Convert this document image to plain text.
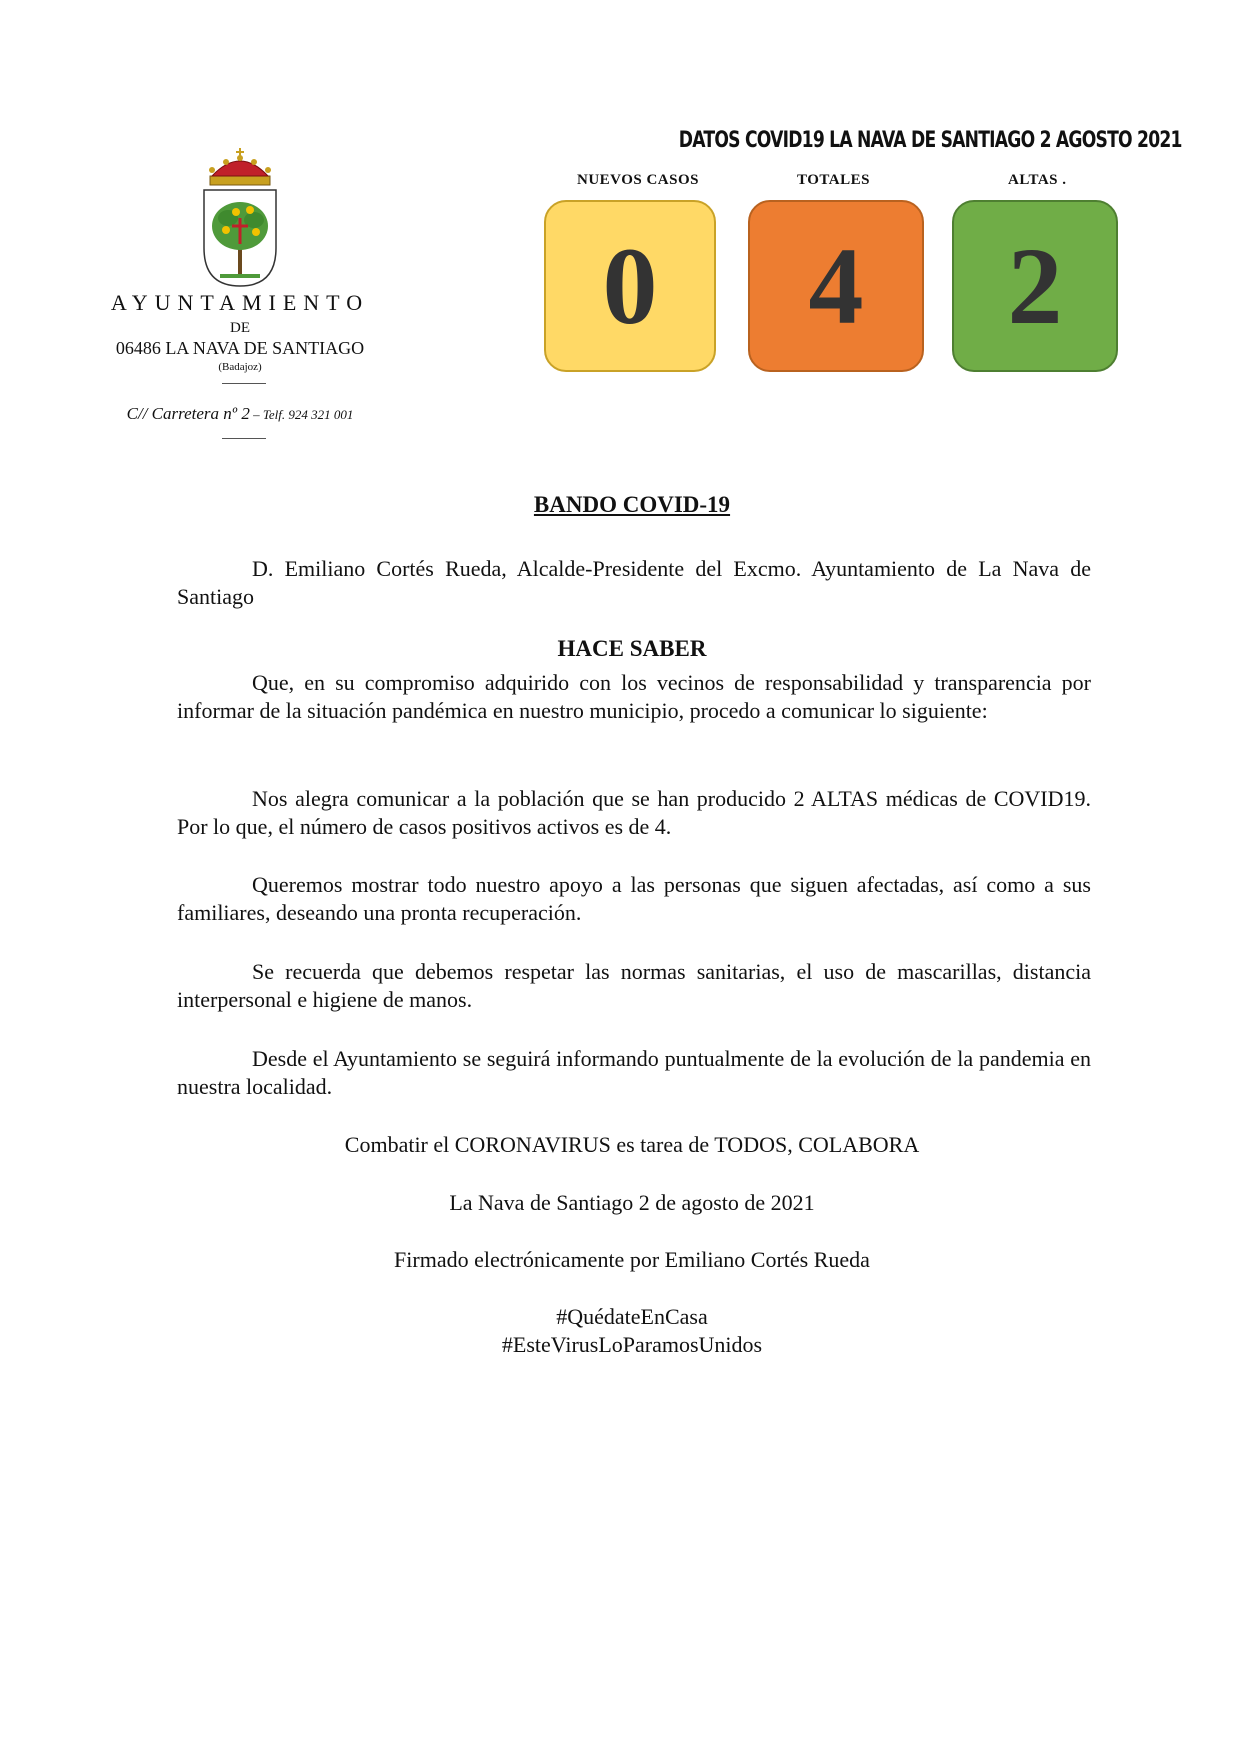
AYUNTAMIENTO
DE
06486 LA NAVA DE SANTIAGO
(Badajoz)
C// Carretera nº 2 – Telf. 924 321 001
DATOS COVID19 LA NAVA DE SANTIAGO 2 AGOSTO 2021
NUEVOS CASOS	TOTALES	ALTAS .
0 4 2
BANDO COVID-19
D. Emiliano Cortés Rueda, Alcalde-Presidente del Excmo. Ayuntamiento de La Nava de Santiago
HACE SABER
Que, en su compromiso adquirido con los vecinos de responsabilidad y transparencia por informar de la situación pandémica en nuestro municipio, procedo a comunicar lo siguiente:
Nos alegra comunicar a la población que se han producido 2 ALTAS médicas de COVID19. Por lo que, el número de casos positivos activos es de 4.
Queremos mostrar todo nuestro apoyo a las personas que siguen afectadas, así como a sus familiares, deseando una pronta recuperación.
Se recuerda que debemos respetar las normas sanitarias, el uso de mascarillas, distancia interpersonal e higiene de manos.
Desde el Ayuntamiento se seguirá informando puntualmente de la evolución de la pandemia en nuestra localidad.
Combatir el CORONAVIRUS es tarea de TODOS, COLABORA
La Nava de Santiago 2 de agosto de 2021
Firmado electrónicamente por Emiliano Cortés Rueda
#QuédateEnCasa
#EsteVirusLoParamosUnidos
